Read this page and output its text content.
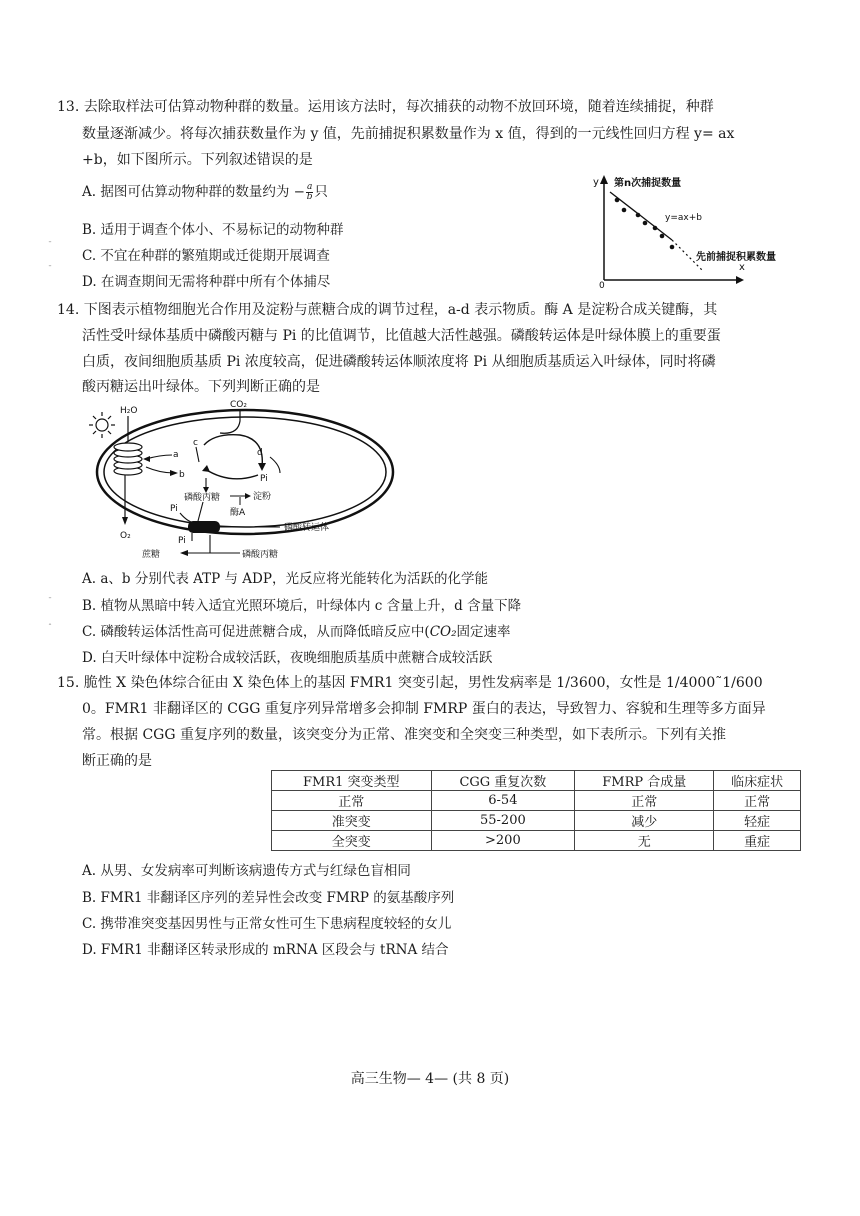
13. 去除取样法可估算动物种群的数量。运用该方法时，每次捕获的动物不放回环境，随着连续捕捉，种群
数量逐渐减少。将每次捕获数量作为 y 值，先前捕捉积累数量作为 x 值，得到的一元线性回归方程 y= ax
+b，如下图所示。下列叙述错误的是
A. 据图可估算动物种群的数量约为 − $\frac{a}{b}$ 只
B. 适用于调查个体小、不易标记的动物种群
C. 不宜在种群的繁殖期或迁徙期开展调查
D. 在调查期间无需将种群中所有个体捕尽
ˉ
ˉ
y 第n次捕捉数量
x
先前捕捉积累数量
0
y=ax+b
14. 下图表示植物细胞光合作用及淀粉与蔗糖合成的调节过程，a-d 表示物质。酶 A 是淀粉合成关键酶，其
活性受叶绿体基质中磷酸丙糖与 Pi 的比值调节，比值越大活性越强。磷酸转运体是叶绿体膜上的重要蛋
白质，夜间细胞质基质 Pi 浓度较高，促进磷酸转运体顺浓度将 Pi 从细胞质基质运入叶绿体，同时将磷
酸丙糖运出叶绿体。下列判断正确的是
H₂O
O₂
CO₂
a
b
c
d
Pi
磷酸丙糖	淀粉
酶A
Pi
磷酸转运体
Pi
蔗糖	磷酸丙糖
A. a、b 分别代表 ATP 与 ADP，光反应将光能转化为活跃的化学能
B. 植物从黑暗中转入适宜光照环境后，叶绿体内 c 含量上升，d 含量下降
C. 磷酸转运体活性高可促进蔗糖合成，从而降低暗反应中(CO₂固定速率
D. 白天叶绿体中淀粉合成较活跃，夜晚细胞质基质中蔗糖合成较活跃
ˉ
ˆ
15. 脆性 X 染色体综合征由 X 染色体上的基因 FMR1 突变引起，男性发病率是 1/3600，女性是 1/4000˜1/600
0。FMR1 非翻译区的 CGG 重复序列异常增多会抑制 FMRP 蛋白的表达，导致智力、容貌和生理等多方面异
常。根据 CGG 重复序列的数量，该突变分为正常、准突变和全突变三种类型，如下表所示。下列有关推
断正确的是
FMR1 突变类型	CGG 重复次数	FMRP 合成量	临床症状
正常	6-54	正常	正常
准突变	55-200	减少	轻症
全突变	>200	无	重症
A. 从男、女发病率可判断该病遗传方式与红绿色盲相同
B. FMR1 非翻译区序列的差异性会改变 FMRP 的氨基酸序列
C. 携带准突变基因男性与正常女性可生下患病程度较轻的女儿
D. FMR1 非翻译区转录形成的 mRNA 区段会与 tRNA 结合
高三生物— 4— (共 8 页)
